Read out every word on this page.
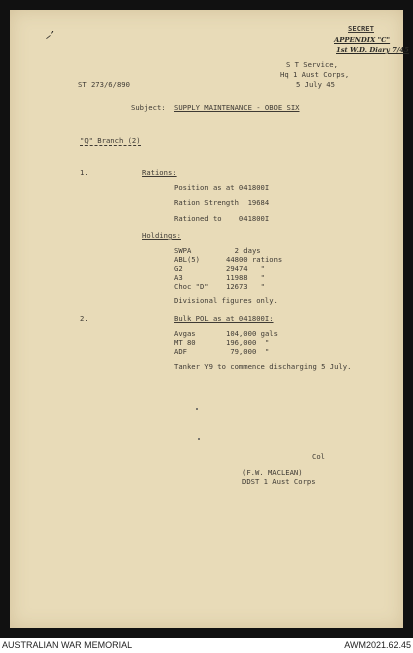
⸝ʼ
SECRET
APPENDIX "C"
1st W.D. Diary 7/45
S T Service,
Hq 1 Aust Corps,
ST 273/6/890	5 July 45
Subject: SUPPLY MAINTENANCE - OBOE SIX
"Q" Branch (2)
1.	Rations:
Position as at 041800I
Ration Strength  19684
Rationed to    041800I
Holdings:
SWPA	2 days
ABL(5)	44800 rations
G2	29474   "
A3	11988   "
Choc "D" 12673   "
Divisional figures only.
2.	Bulk POL as at 041800I:
Avgas	104,000 gals
MT 80	196,000  "
ADF	79,000  "
Tanker Y9 to commence discharging 5 July.
Col
(F.W. MACLEAN)
DDST 1 Aust Corps
AUSTRALIAN WAR MEMORIAL	AWM2021.62.45
